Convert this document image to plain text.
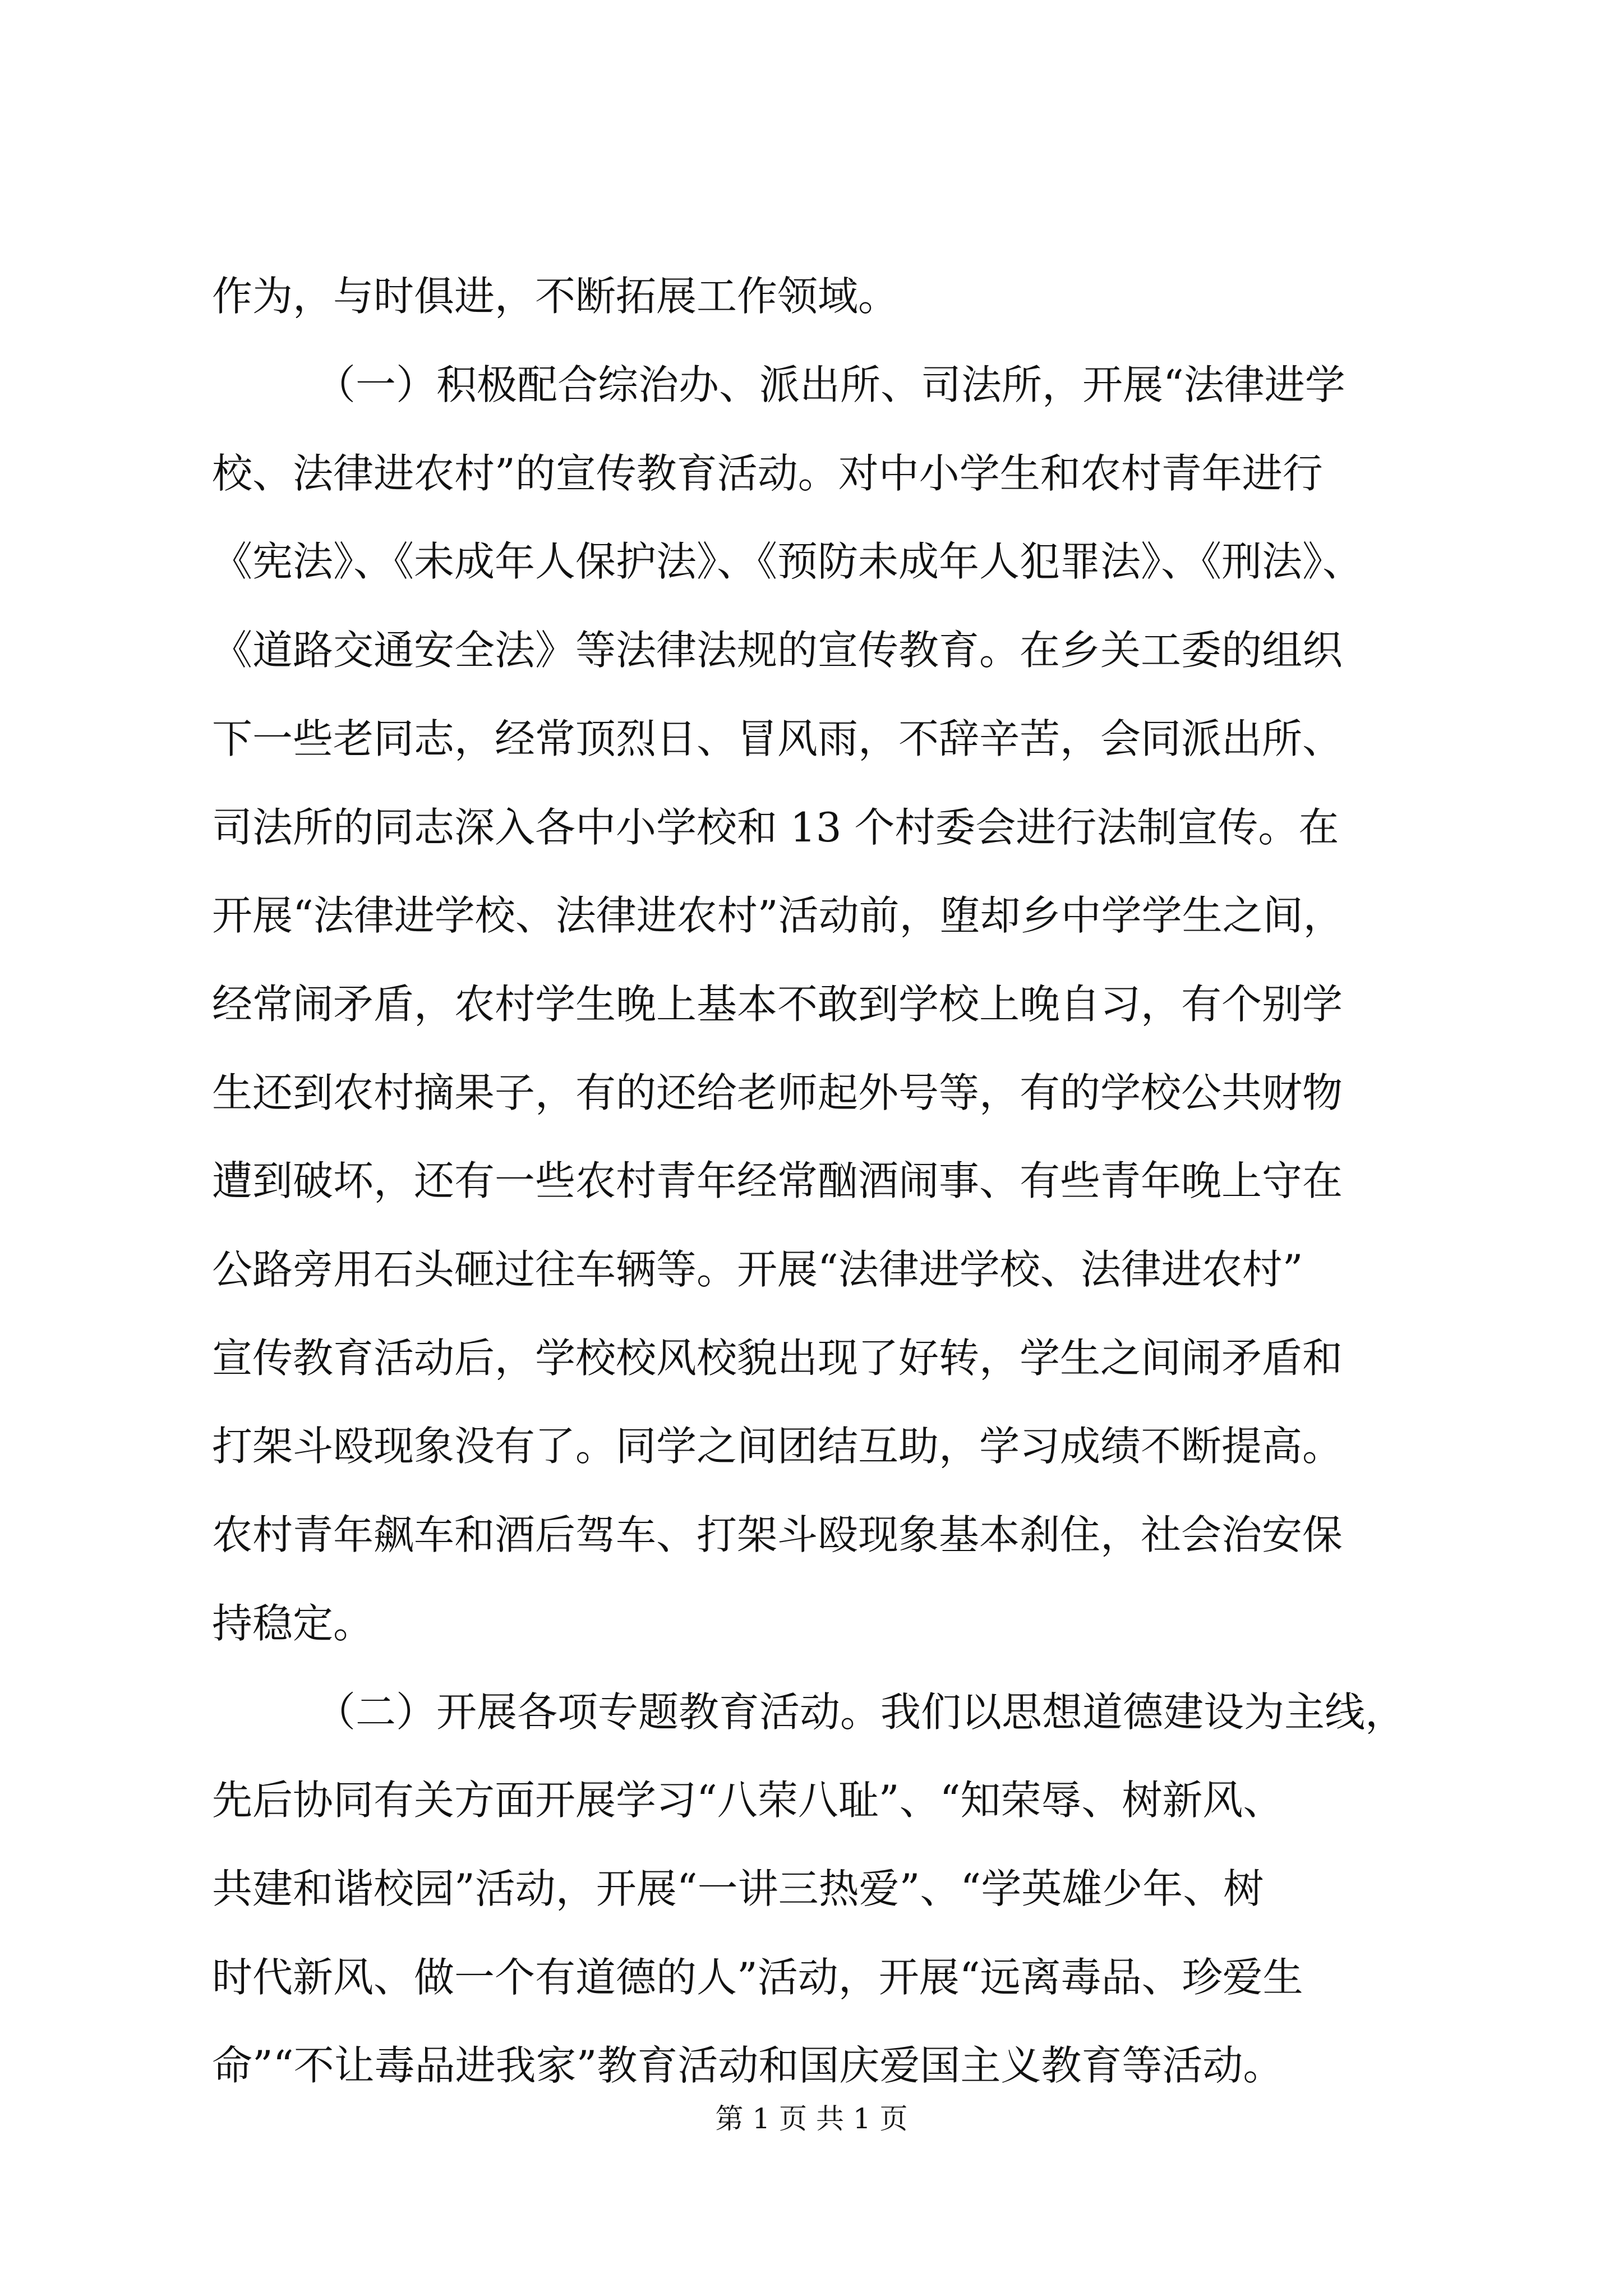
作为，与时俱进，不断拓展工作领域。
（一）积极配合综治办、派出所、司法所，开展“法律进学
校、法律进农村”的宣传教育活动。对中小学生和农村青年进行
《宪法》、《未成年人保护法》、《预防未成年人犯罪法》、《刑法》、
《道路交通安全法》等法律法规的宣传教育。在乡关工委的组织
下一些老同志，经常顶烈日、冒风雨，不辞辛苦，会同派出所、
司法所的同志深入各中小学校和 13 个村委会进行法制宣传。在
开展“法律进学校、法律进农村”活动前，堕却乡中学学生之间，
经常闹矛盾，农村学生晚上基本不敢到学校上晚自习，有个别学
生还到农村摘果子，有的还给老师起外号等，有的学校公共财物
遭到破坏，还有一些农村青年经常酗酒闹事、有些青年晚上守在
公路旁用石头砸过往车辆等。开展“法律进学校、法律进农村”
宣传教育活动后，学校校风校貌出现了好转，学生之间闹矛盾和
打架斗殴现象没有了。同学之间团结互助，学习成绩不断提高。
农村青年飙车和酒后驾车、打架斗殴现象基本刹住，社会治安保
持稳定。
（二）开展各项专题教育活动。我们以思想道德建设为主线，
先后协同有关方面开展学习“八荣八耻”、“知荣辱、树新风、
共建和谐校园”活动，开展“一讲三热爱”、“学英雄少年、树
时代新风、做一个有道德的人”活动，开展“远离毒品、珍爱生
命”“不让毒品进我家”教育活动和国庆爱国主义教育等活动。
第 1 页 共 1 页
